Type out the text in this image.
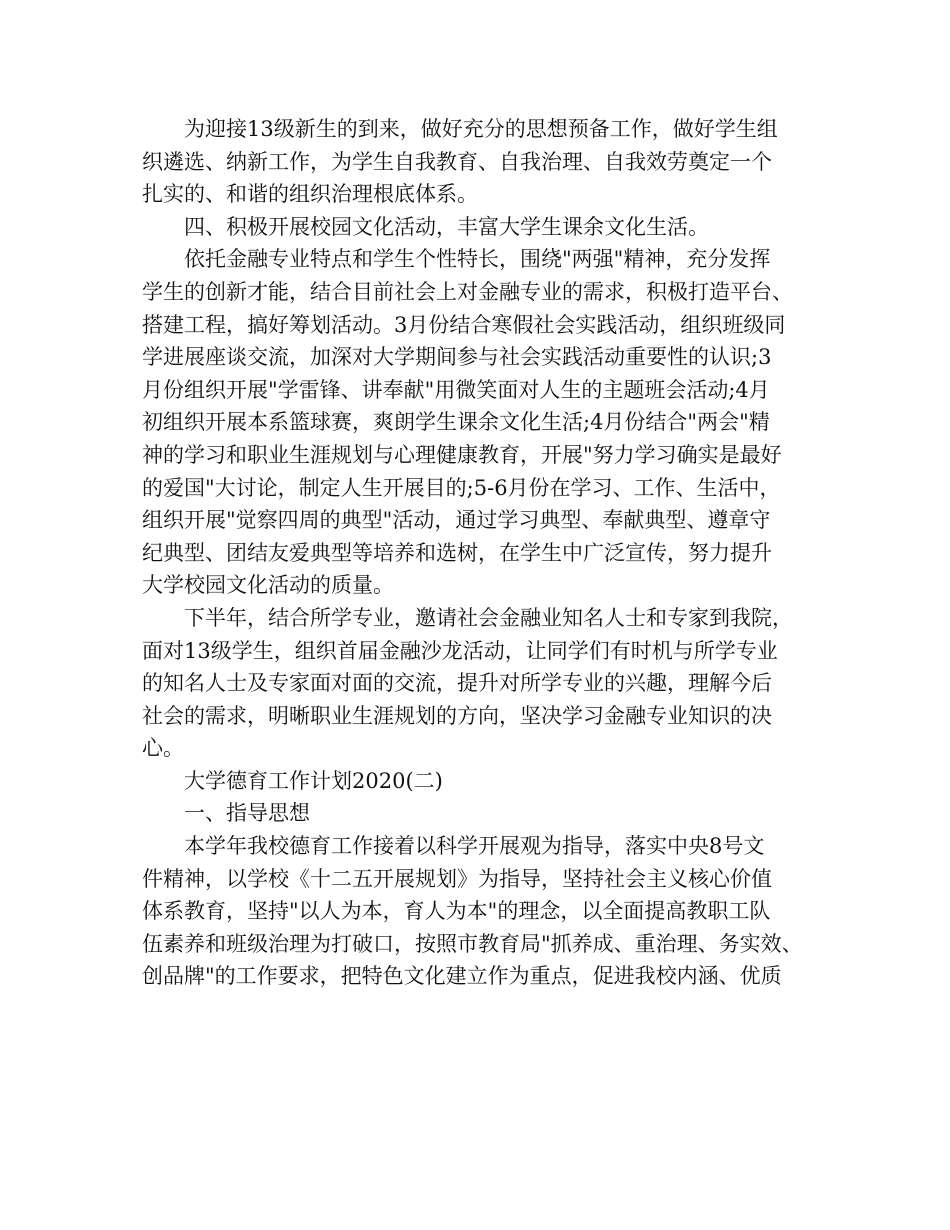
为迎接13级新生的到来，做好充分的思想预备工作，做好学生组
织遴选、纳新工作，为学生自我教育、自我治理、自我效劳奠定一个
扎实的、和谐的组织治理根底体系。
四、积极开展校园文化活动，丰富大学生课余文化生活。
依托金融专业特点和学生个性特长，围绕"两强"精神，充分发挥
学生的创新才能，结合目前社会上对金融专业的需求，积极打造平台、
搭建工程，搞好筹划活动。3月份结合寒假社会实践活动，组织班级同
学进展座谈交流，加深对大学期间参与社会实践活动重要性的认识;3
月份组织开展"学雷锋、讲奉献"用微笑面对人生的主题班会活动;4月
初组织开展本系篮球赛，爽朗学生课余文化生活;4月份结合"两会"精
神的学习和职业生涯规划与心理健康教育，开展"努力学习确实是最好
的爱国"大讨论，制定人生开展目的;5-6月份在学习、工作、生活中，
组织开展"觉察四周的典型"活动，通过学习典型、奉献典型、遵章守
纪典型、团结友爱典型等培养和选树，在学生中广泛宣传，努力提升
大学校园文化活动的质量。
下半年，结合所学专业，邀请社会金融业知名人士和专家到我院，
面对13级学生，组织首届金融沙龙活动，让同学们有时机与所学专业
的知名人士及专家面对面的交流，提升对所学专业的兴趣，理解今后
社会的需求，明晰职业生涯规划的方向，坚决学习金融专业知识的决
心。
大学德育工作计划2020(二)
一、指导思想
本学年我校德育工作接着以科学开展观为指导，落实中央8号文
件精神，以学校《十二五开展规划》为指导，坚持社会主义核心价值
体系教育，坚持"以人为本，育人为本"的理念，以全面提高教职工队
伍素养和班级治理为打破口，按照市教育局"抓养成、重治理、务实效、
创品牌"的工作要求，把特色文化建立作为重点，促进我校内涵、优质
